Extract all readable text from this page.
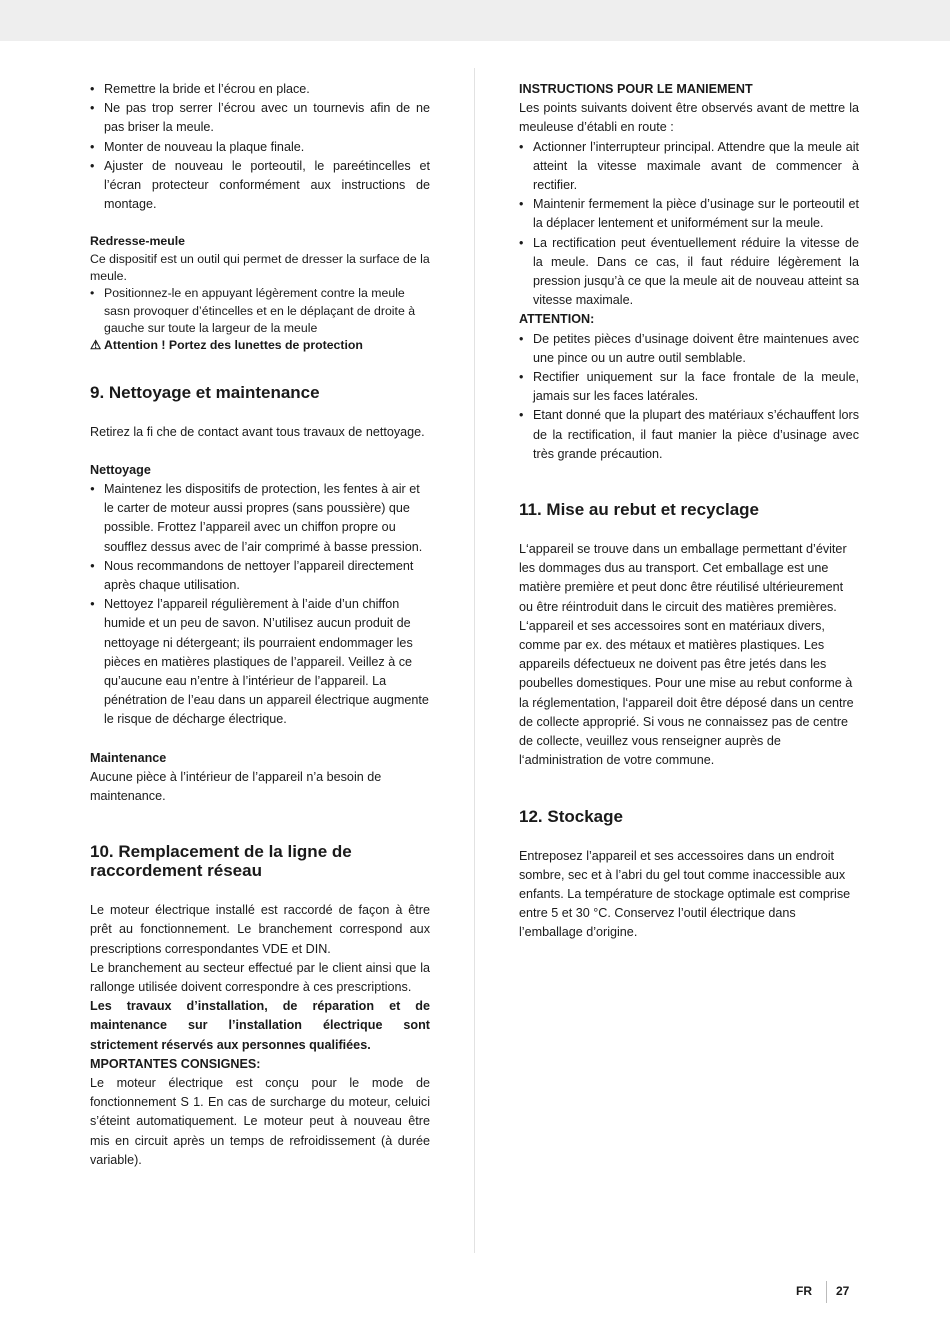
• Remettre la bride et l’écrou en place.
• Ne pas trop serrer l’écrou avec un tournevis afin de ne pas briser la meule.
• Monter de nouveau la plaque finale.
• Ajuster de nouveau le porteoutil, le pareétincelles et l’écran protecteur conformément aux instructions de montage.

Redresse-meule

Ce dispositif est un outil qui permet de dresser la surface de la meule.

• Positionnez-le en appuyant légèrement contre la meule sasn provoquer d’étincelles et en le déplaçant de droite à gauche sur toute la largeur de la meule

⚠ Attention ! Portez des lunettes de protection

9. Nettoyage et maintenance

Retirez la fi che de contact avant tous travaux de nettoyage.

Nettoyage

● Maintenez les dispositifs de protection, les fentes à air et le carter de moteur aussi propres (sans poussière) que possible. Frottez l’appareil avec un chiffon propre ou soufflez dessus avec de l’air comprimé à basse pression.
● Nous recommandons de nettoyer l’appareil directement après chaque utilisation.
● Nettoyez l’appareil régulièrement à l’aide d’un chiffon humide et un peu de savon. N’utilisez aucun produit de nettoyage ni détergeant; ils pourraient endommager les pièces en matières plastiques de l’appareil. Veillez à ce qu’aucune eau n’entre à l’intérieur de l’appareil. La pénétration de l’eau dans un appareil électrique augmente le risque de décharge électrique.

Maintenance

Aucune pièce à l’intérieur de l’appareil n’a besoin de maintenance.

10. Remplacement de la ligne de raccordement réseau

Le moteur électrique installé est raccordé de façon à être prêt au fonctionnement. Le branchement correspond aux prescriptions correspondantes VDE et DIN.

Le branchement au secteur effectué par le client ainsi que la rallonge utilisée doivent correspondre à ces prescriptions.

Les travaux d’installation, de réparation et de maintenance sur l’installation électrique sont strictement réservés aux personnes qualifiées.

MPORTANTES CONSIGNES:

Le moteur électrique est conçu pour le mode de fonctionnement S 1. En cas de surcharge du moteur, celuici s’éteint automatiquement. Le moteur peut à nouveau être mis en circuit après un temps de refroidissement (à durée variable).

INSTRUCTIONS POUR LE MANIEMENT

Les points suivants doivent être observés avant de mettre la meuleuse d’établi en route :

• Actionner l’interrupteur principal. Attendre que la meule ait atteint la vitesse maximale avant de commencer à rectifier.
• Maintenir fermement la pièce d’usinage sur le porteoutil et la déplacer lentement et uniformément sur la meule.
• La rectification peut éventuellement réduire la vitesse de la meule. Dans ce cas, il faut réduire légèrement la pression jusqu’à ce que la meule ait de nouveau atteint sa vitesse maximale.

ATTENTION:

• De petites pièces d’usinage doivent être maintenues avec une pince ou un autre outil semblable.
• Rectifier uniquement sur la face frontale de la meule, jamais sur les faces latérales.
• Etant donné que la plupart des matériaux s’échauffent lors de la rectification, il faut manier la pièce d’usinage avec très grande précaution.
11. Mise au rebut et recyclage

L‘appareil se trouve dans un emballage permettant d’éviter les dommages dus au transport. Cet emballage est une matière première et peut donc être réutilisé ultérieurement ou être réintroduit dans le circuit des matières premières. L‘appareil et ses accessoires sont en matériaux divers, comme par ex. des métaux et matières plastiques. Les appareils défectueux ne doivent pas être jetés dans les poubelles domestiques. Pour une mise au rebut conforme à la réglementation, l‘appareil doit être déposé dans un centre de collecte approprié. Si vous ne connaissez pas de centre de collecte, veuillez vous renseigner auprès de l‘administration de votre commune.

12. Stockage

Entreposez l’appareil et ses accessoires dans un endroit sombre, sec et à l’abri du gel tout comme inaccessible aux enfants. La température de stockage optimale est comprise entre 5 et 30 °C. Conservez l’outil électrique dans l’emballage d’origine.

FR 27
